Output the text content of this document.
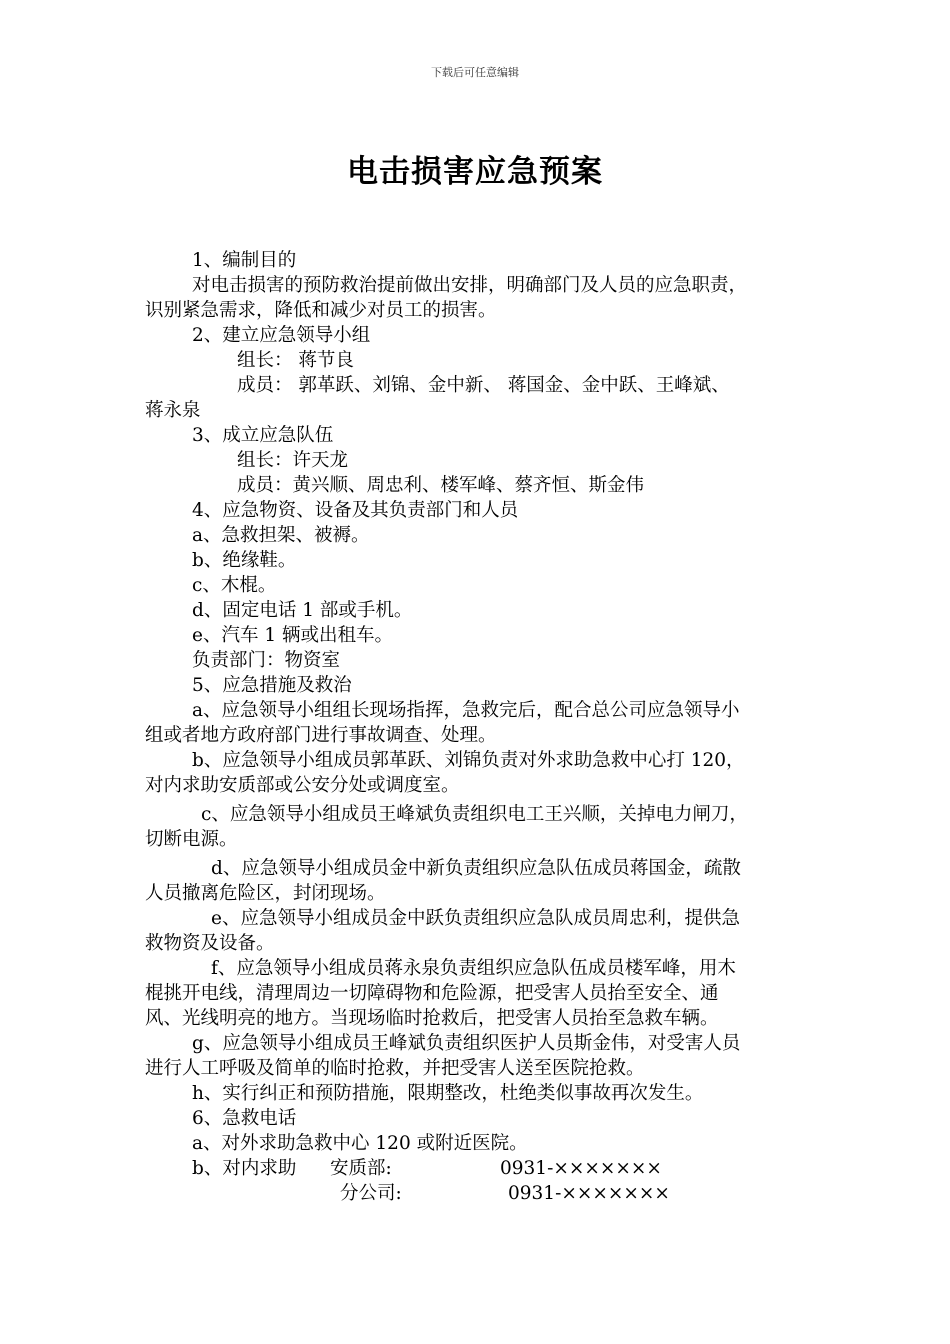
下载后可任意编辑
电击损害应急预案
1、编制目的
对电击损害的预防救治提前做出安排，明确部门及人员的应急职责，
识别紧急需求，降低和减少对员工的损害。
2、建立应急领导小组
组长： 蒋节良
成员： 郭革跃、刘锦、金中新、 蒋国金、金中跃、王峰斌、
蒋永泉
3、成立应急队伍
组长：许天龙
成员：黄兴顺、周忠利、楼军峰、蔡齐恒、斯金伟
4、应急物资、设备及其负责部门和人员
a、急救担架、被褥。
b、绝缘鞋。
c、木棍。
d、固定电话 1 部或手机。
e、汽车 1 辆或出租车。
负责部门：物资室
5、应急措施及救治
a、应急领导小组组长现场指挥，急救完后，配合总公司应急领导小
组或者地方政府部门进行事故调查、处理。
b、应急领导小组成员郭革跃、刘锦负责对外求助急救中心打 120，
对内求助安质部或公安分处或调度室。
c、应急领导小组成员王峰斌负责组织电工王兴顺，关掉电力闸刀，
切断电源。
d、应急领导小组成员金中新负责组织应急队伍成员蒋国金，疏散
人员撤离危险区，封闭现场。
e、应急领导小组成员金中跃负责组织应急队成员周忠利，提供急
救物资及设备。
f、应急领导小组成员蒋永泉负责组织应急队伍成员楼军峰，用木
棍挑开电线，清理周边一切障碍物和危险源，把受害人员抬至安全、通
风、光线明亮的地方。当现场临时抢救后，把受害人员抬至急救车辆。
g、应急领导小组成员王峰斌负责组织医护人员斯金伟，对受害人员
进行人工呼吸及简单的临时抢救，并把受害人送至医院抢救。
h、实行纠正和预防措施，限期整改，杜绝类似事故再次发生。
6、急救电话
a、对外求助急救中心 120 或附近医院。
b、对内求助 安质部:	0931-×××××××
分公司:	0931-×××××××
